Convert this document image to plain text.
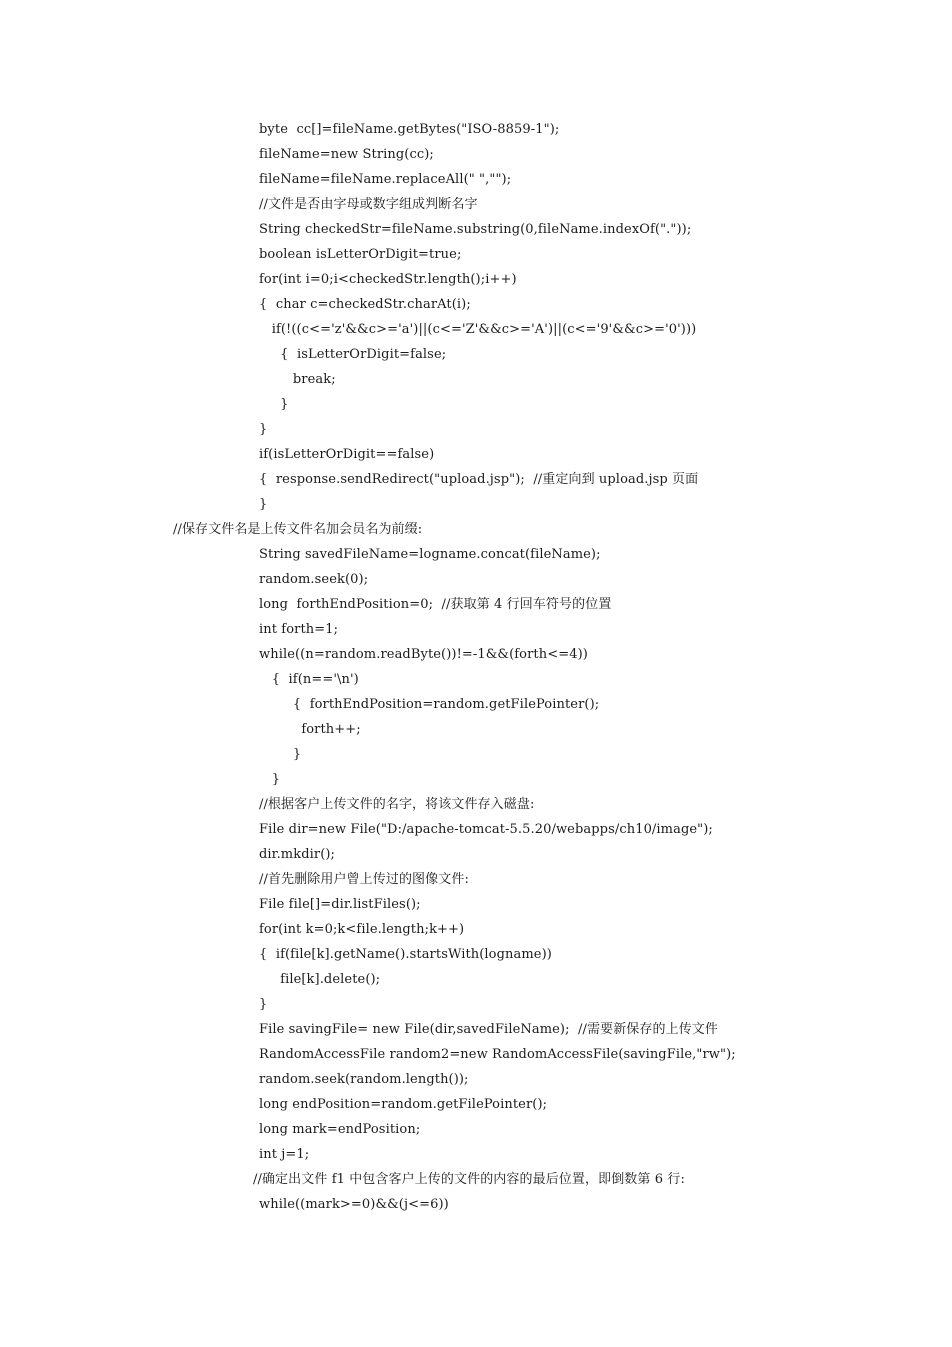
byte  cc[]=fileName.getBytes("ISO-8859-1");
fileName=new String(cc);
fileName=fileName.replaceAll(" ","");
//文件是否由字母或数字组成判断名字
String checkedStr=fileName.substring(0,fileName.indexOf("."));
boolean isLetterOrDigit=true;
for(int i=0;i<checkedStr.length();i++)
{  char c=checkedStr.charAt(i);
if(!((c<='z'&&c>='a')||(c<='Z'&&c>='A')||(c<='9'&&c>='0')))
{  isLetterOrDigit=false;
break;
}
}
if(isLetterOrDigit==false)
{  response.sendRedirect("upload.jsp");  //重定向到 upload.jsp 页面
}
//保存文件名是上传文件名加会员名为前缀:
String savedFileName=logname.concat(fileName);
random.seek(0);
long  forthEndPosition=0;  //获取第 4 行回车符号的位置
int forth=1;
while((n=random.readByte())!=-1&&(forth<=4))
{  if(n=='\n')
{  forthEndPosition=random.getFilePointer();
forth++;
}
}
//根据客户上传文件的名字，将该文件存入磁盘:
File dir=new File("D:/apache-tomcat-5.5.20/webapps/ch10/image");
dir.mkdir();
//首先删除用户曾上传过的图像文件:
File file[]=dir.listFiles();
for(int k=0;k<file.length;k++)
{  if(file[k].getName().startsWith(logname))
file[k].delete();
}
File savingFile= new File(dir,savedFileName);  //需要新保存的上传文件
RandomAccessFile random2=new RandomAccessFile(savingFile,"rw");
random.seek(random.length());
long endPosition=random.getFilePointer();
long mark=endPosition;
int j=1;
//确定出文件 f1 中包含客户上传的文件的内容的最后位置，即倒数第 6 行:
while((mark>=0)&&(j<=6))
